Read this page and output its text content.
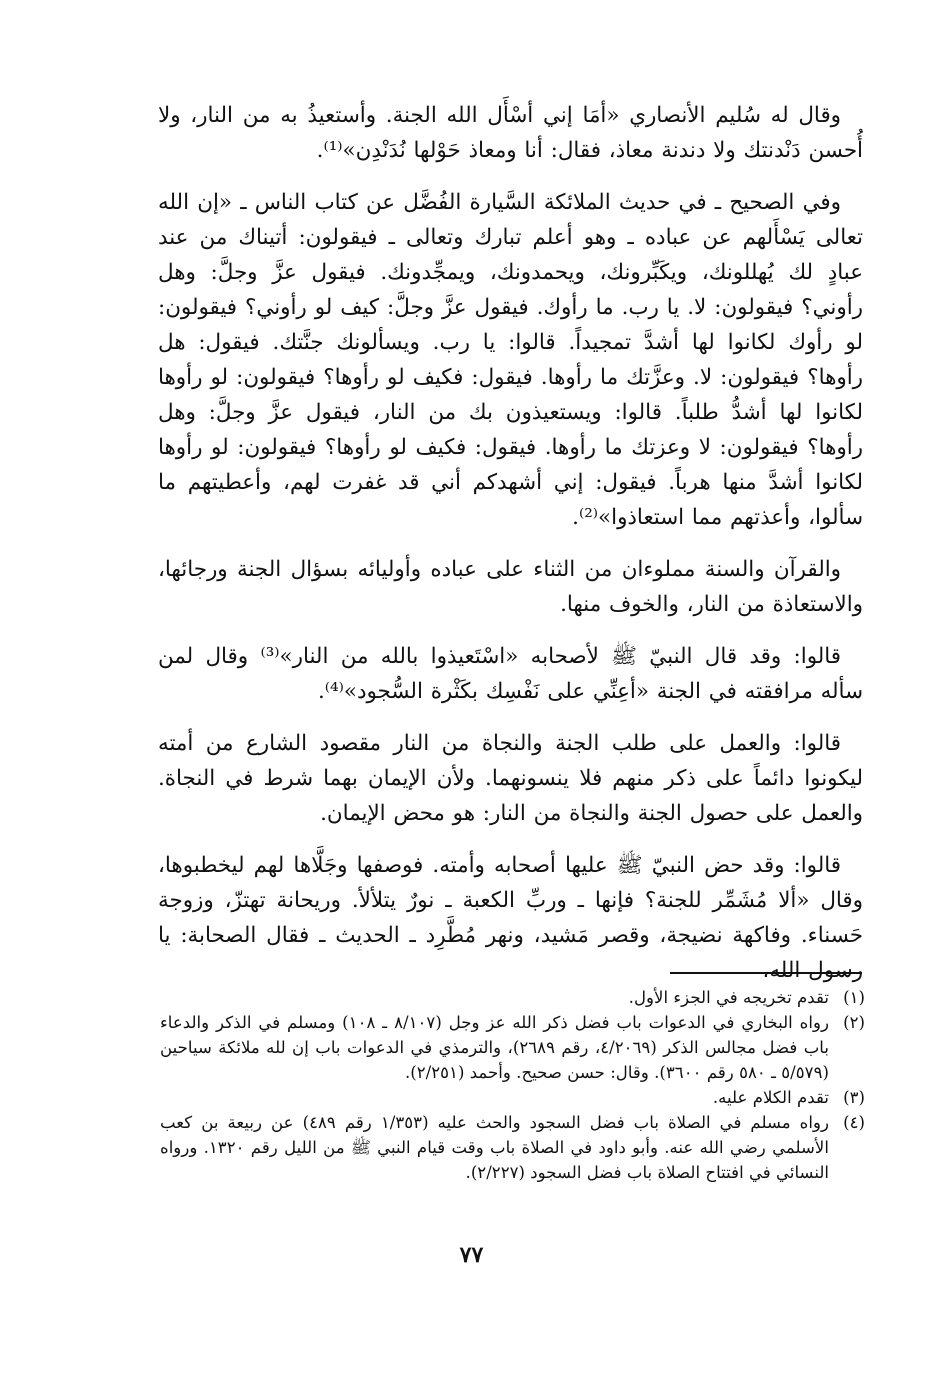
وقال له سُليم الأنصاري «أمَا إني أسْأَل الله الجنة. وأستعيذُ به من النار، ولا أُحسن دَنْدنتك ولا دندنة معاذ، فقال: أنا ومعاذ حَوْلها نُدَنْدِن»⁽¹⁾.

وفي الصحيح ـ في حديث الملائكة السَّيارة الفُضَّل عن كتاب الناس ـ «إن الله تعالى يَسْأَلهم عن عباده ـ وهو أعلم تبارك وتعالى ـ فيقولون: أتيناك من عند عبادٍ لك يُهللونك، ويكَبِّرونك، ويحمدونك، ويمجِّدونك. فيقول عزَّ وجلَّ: وهل رأوني؟ فيقولون: لا. يا رب. ما رأوك. فيقول عزَّ وجلَّ: كيف لو رأوني؟ فيقولون: لو رأوك لكانوا لها أشدَّ تمجيداً. قالوا: يا رب. ويسألونك جنَّتك. فيقول: هل رأوها؟ فيقولون: لا. وعزَّتك ما رأوها. فيقول: فكيف لو رأوها؟ فيقولون: لو رأوها لكانوا لها أشدُّ طلباً. قالوا: ويستعيذون بك من النار، فيقول عزَّ وجلَّ: وهل رأوها؟ فيقولون: لا وعزتك ما رأوها. فيقول: فكيف لو رأوها؟ فيقولون: لو رأوها لكانوا أشدَّ منها هرباً. فيقول: إني أشهدكم أني قد غفرت لهم، وأعطيتهم ما سألوا، وأعذتهم مما استعاذوا»⁽²⁾.

والقرآن والسنة مملوءان من الثناء على عباده وأوليائه بسؤال الجنة ورجائها، والاستعاذة من النار، والخوف منها.

قالوا: وقد قال النبيّ ﷺ لأصحابه «اسْتَعيذوا بالله من النار»⁽³⁾ وقال لمن سأله مرافقته في الجنة «أعِنِّي على نَفْسِك بكَثْرة السُّجود»⁽⁴⁾.

قالوا: والعمل على طلب الجنة والنجاة من النار مقصود الشارع من أمته ليكونوا دائماً على ذكر منهم فلا ينسونهما. ولأن الإيمان بهما شرط في النجاة. والعمل على حصول الجنة والنجاة من النار: هو محض الإيمان.

قالوا: وقد حض النبيّ ﷺ عليها أصحابه وأمته. فوصفها وجَلَّاها لهم ليخطبوها، وقال «ألا مُشَمِّر للجنة؟ فإنها ـ وربِّ الكعبة ـ نورٌ يتلألأ. وريحانة تهتزّ، وزوجة حَسناء. وفاكهة نضيجة، وقصر مَشيد، ونهر مُطَّرِد ـ الحديث ـ فقال الصحابة: يا رسول الله،

(١)
تقدم تخريجه في الجزء الأول.
(٢)
رواه البخاري في الدعوات باب فضل ذكر الله عز وجل (٨/١٠٧ ـ ١٠٨) ومسلم في الذكر والدعاء باب فضل مجالس الذكر (٤/٢٠٦٩، رقم ٢٦٨٩)، والترمذي في الدعوات باب إن لله ملائكة سياحين (٥/٥٧٩ ـ ٥٨٠ رقم ٣٦٠٠). وقال: حسن صحيح. وأحمد (٢/٢٥١).
(٣)
تقدم الكلام عليه.
(٤)
رواه مسلم في الصلاة باب فضل السجود والحث عليه (١/٣٥٣ رقم ٤٨٩) عن ربيعة بن كعب الأسلمي رضي الله عنه. وأبو داود في الصلاة باب وقت قيام النبي ﷺ من الليل رقم ١٣٢٠. ورواه النسائي في افتتاح الصلاة باب فضل السجود (٢/٢٢٧).
٧٧
